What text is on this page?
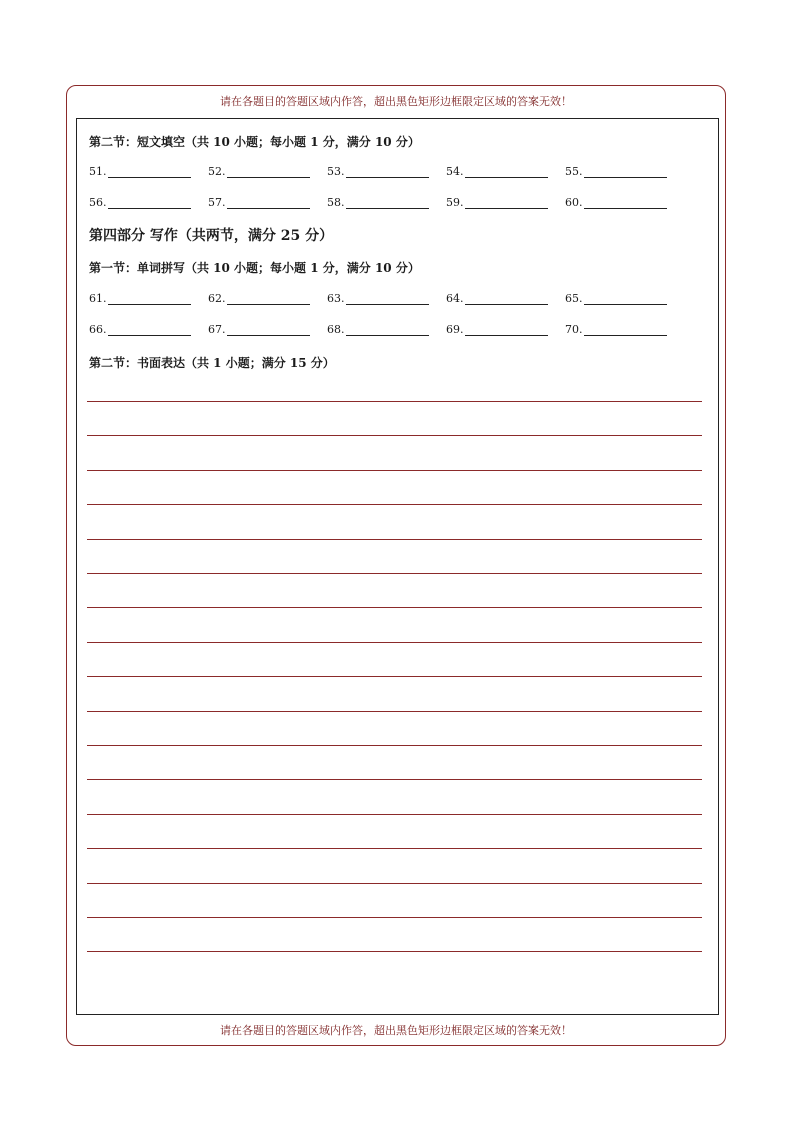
请在各题目的答题区域内作答，超出黑色矩形边框限定区域的答案无效！
第二节：短文填空（共 10 小题；每小题 1 分，满分 10 分）
51.	52.	53.	54.	55.
56.	57.	58.	59.	60.
第四部分 写作（共两节，满分 25 分）
第一节：单词拼写（共 10 小题；每小题 1 分，满分 10 分）
61.	62.	63.	64.	65.
66.	67.	68.	69.	70.
第二节：书面表达（共 1 小题；满分 15 分）
请在各题目的答题区域内作答，超出黑色矩形边框限定区域的答案无效！
